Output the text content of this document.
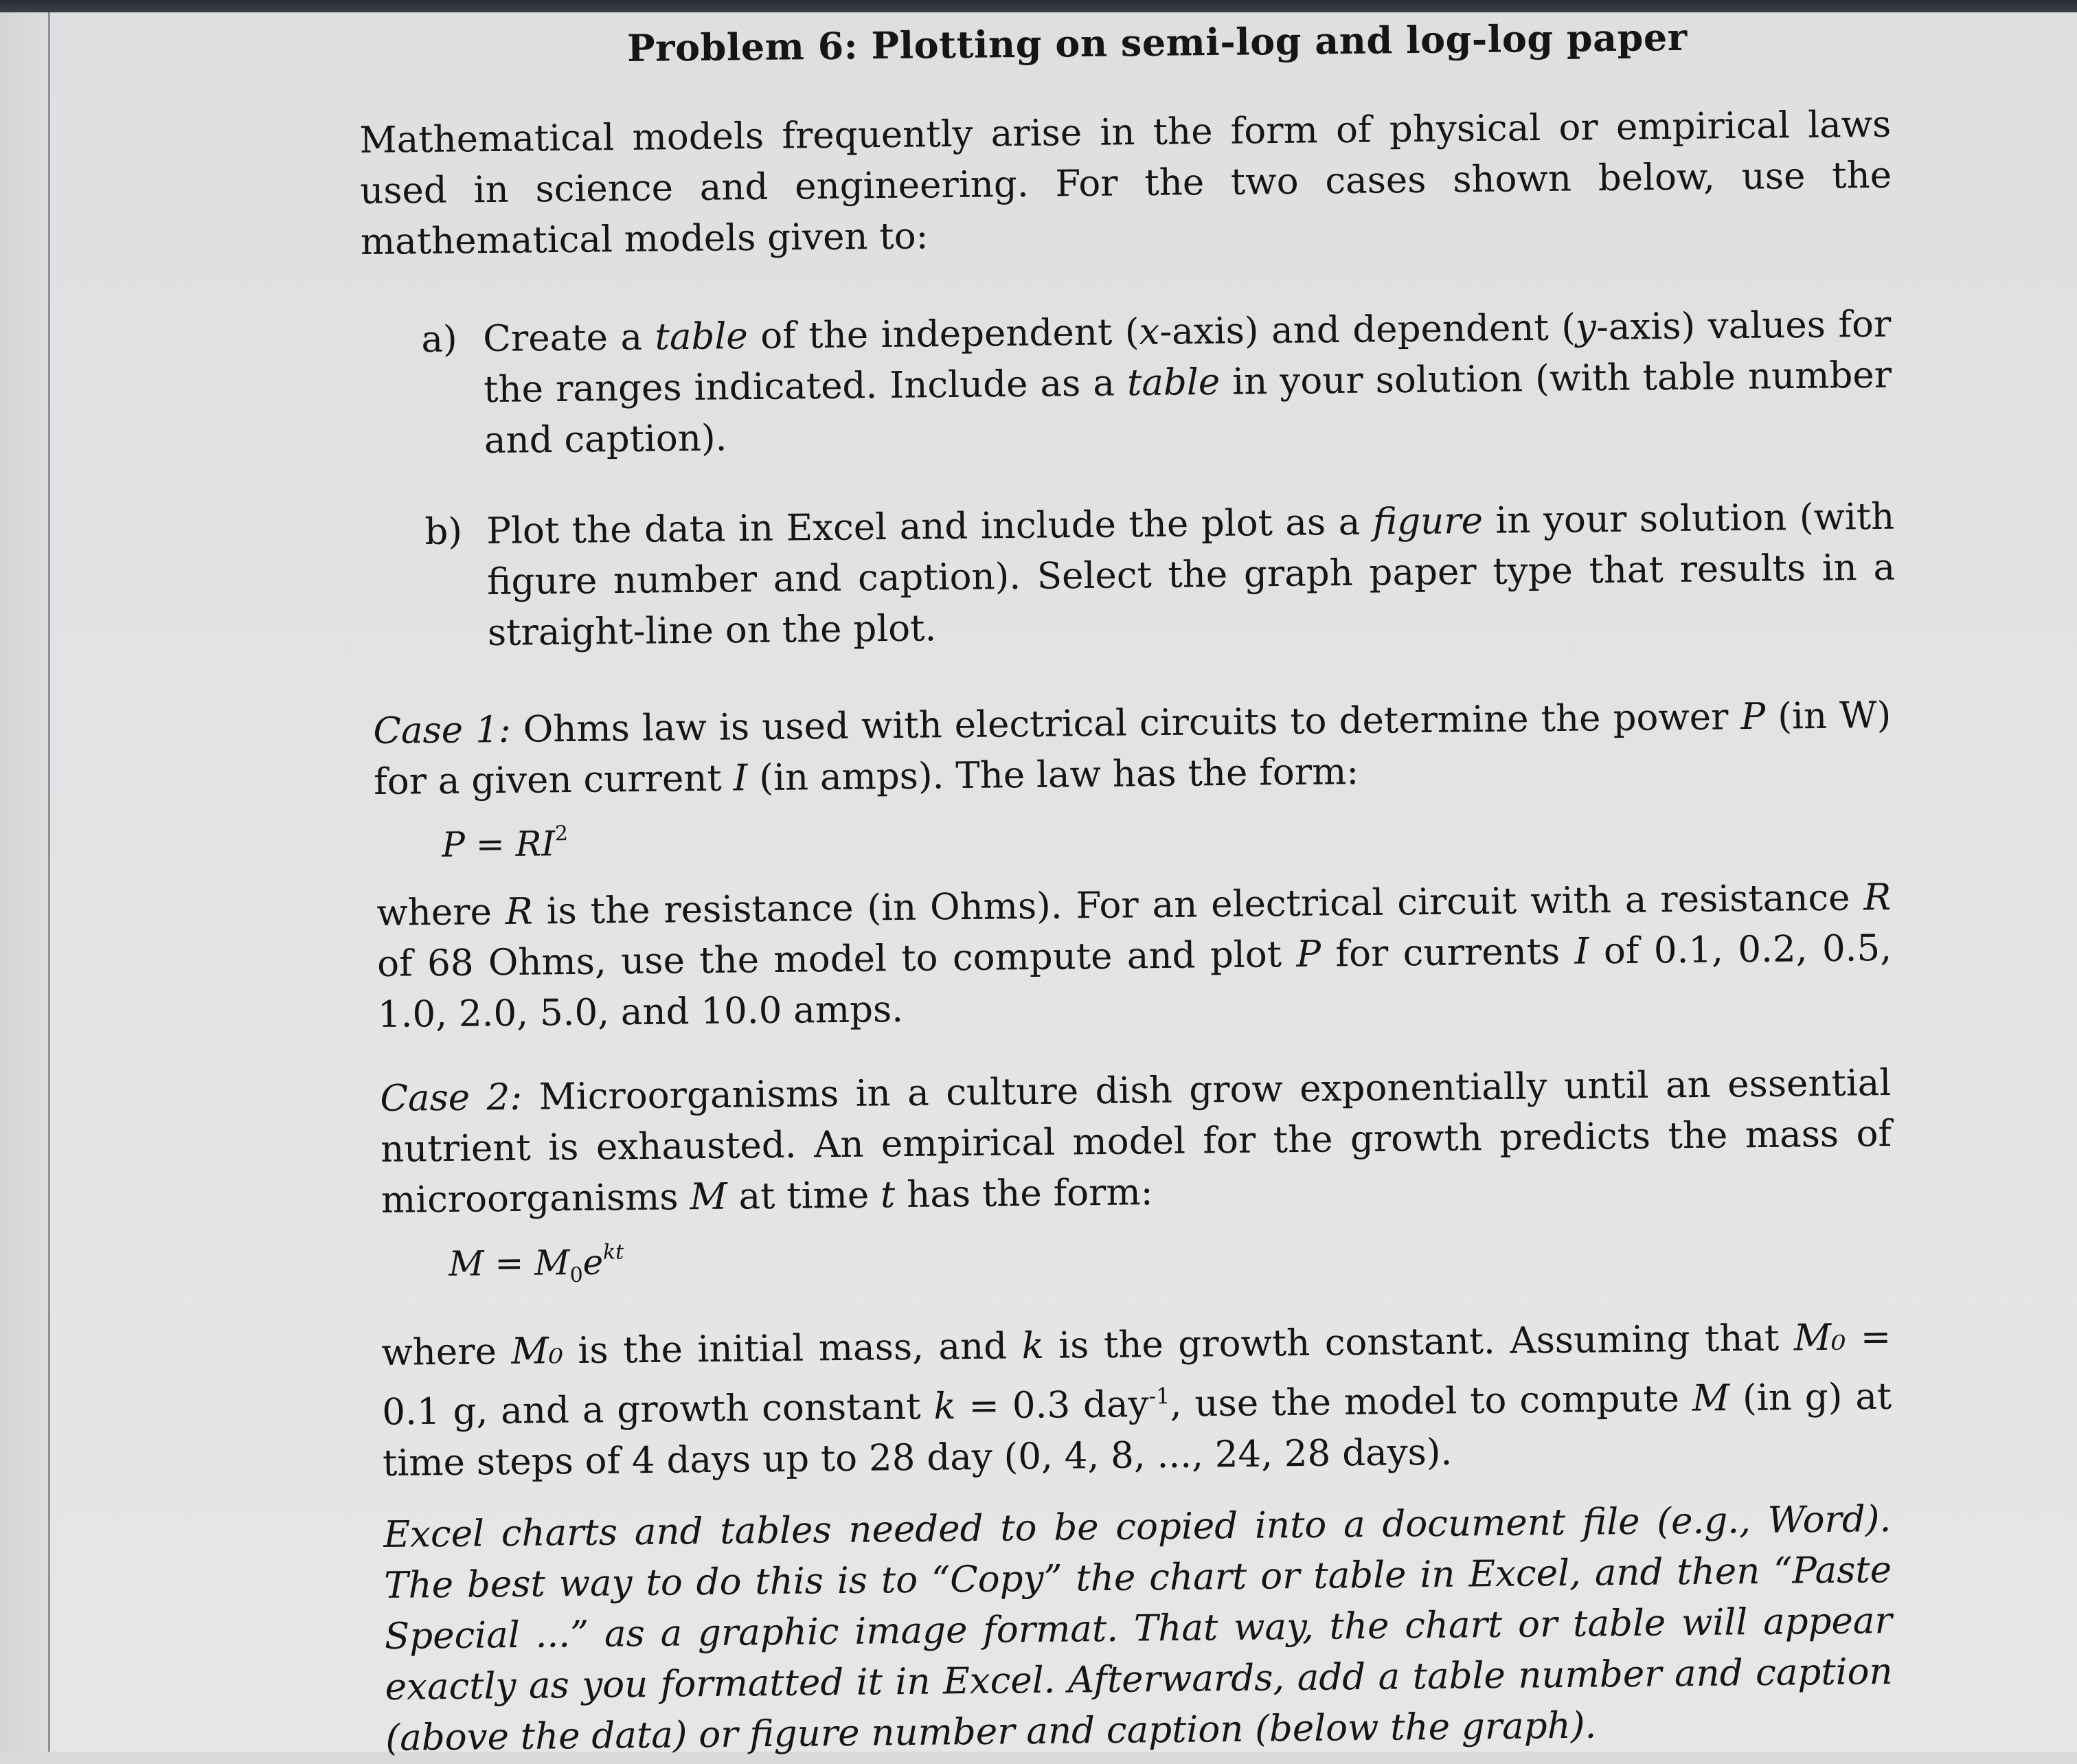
Problem 6: Plotting on semi-log and log-log paper
Mathematical models frequently arise in the form of physical or empirical laws used in science and engineering. For the two cases shown below, use the mathematical models given to:
a) Create a table of the independent (x-axis) and dependent (y-axis) values for the ranges indicated. Include as a table in your solution (with table number and caption).
b) Plot the data in Excel and include the plot as a figure in your solution (with figure number and caption). Select the graph paper type that results in a straight-line on the plot.
Case 1: Ohms law is used with electrical circuits to determine the power P (in W) for a given current I (in amps). The law has the form:
$P = RI^2$
where R is the resistance (in Ohms). For an electrical circuit with a resistance R of 68 Ohms, use the model to compute and plot P for currents I of 0.1, 0.2, 0.5, 1.0, 2.0, 5.0, and 10.0 amps.
Case 2: Microorganisms in a culture dish grow exponentially until an essential nutrient is exhausted. An empirical model for the growth predicts the mass of microorganisms M at time t has the form:
$M = M_0e^{kt}$
where M₀ is the initial mass, and k is the growth constant. Assuming that M₀ = 0.1 g, and a growth constant k = 0.3 day$^{-1}$, use the model to compute M (in g) at time steps of 4 days up to 28 day (0, 4, 8, ..., 24, 28 days).
Excel charts and tables needed to be copied into a document file (e.g., Word). The best way to do this is to “Copy” the chart or table in Excel, and then “Paste Special ...” as a graphic image format. That way, the chart or table will appear exactly as you formatted it in Excel. Afterwards, add a table number and caption (above the data) or figure number and caption (below the graph).
